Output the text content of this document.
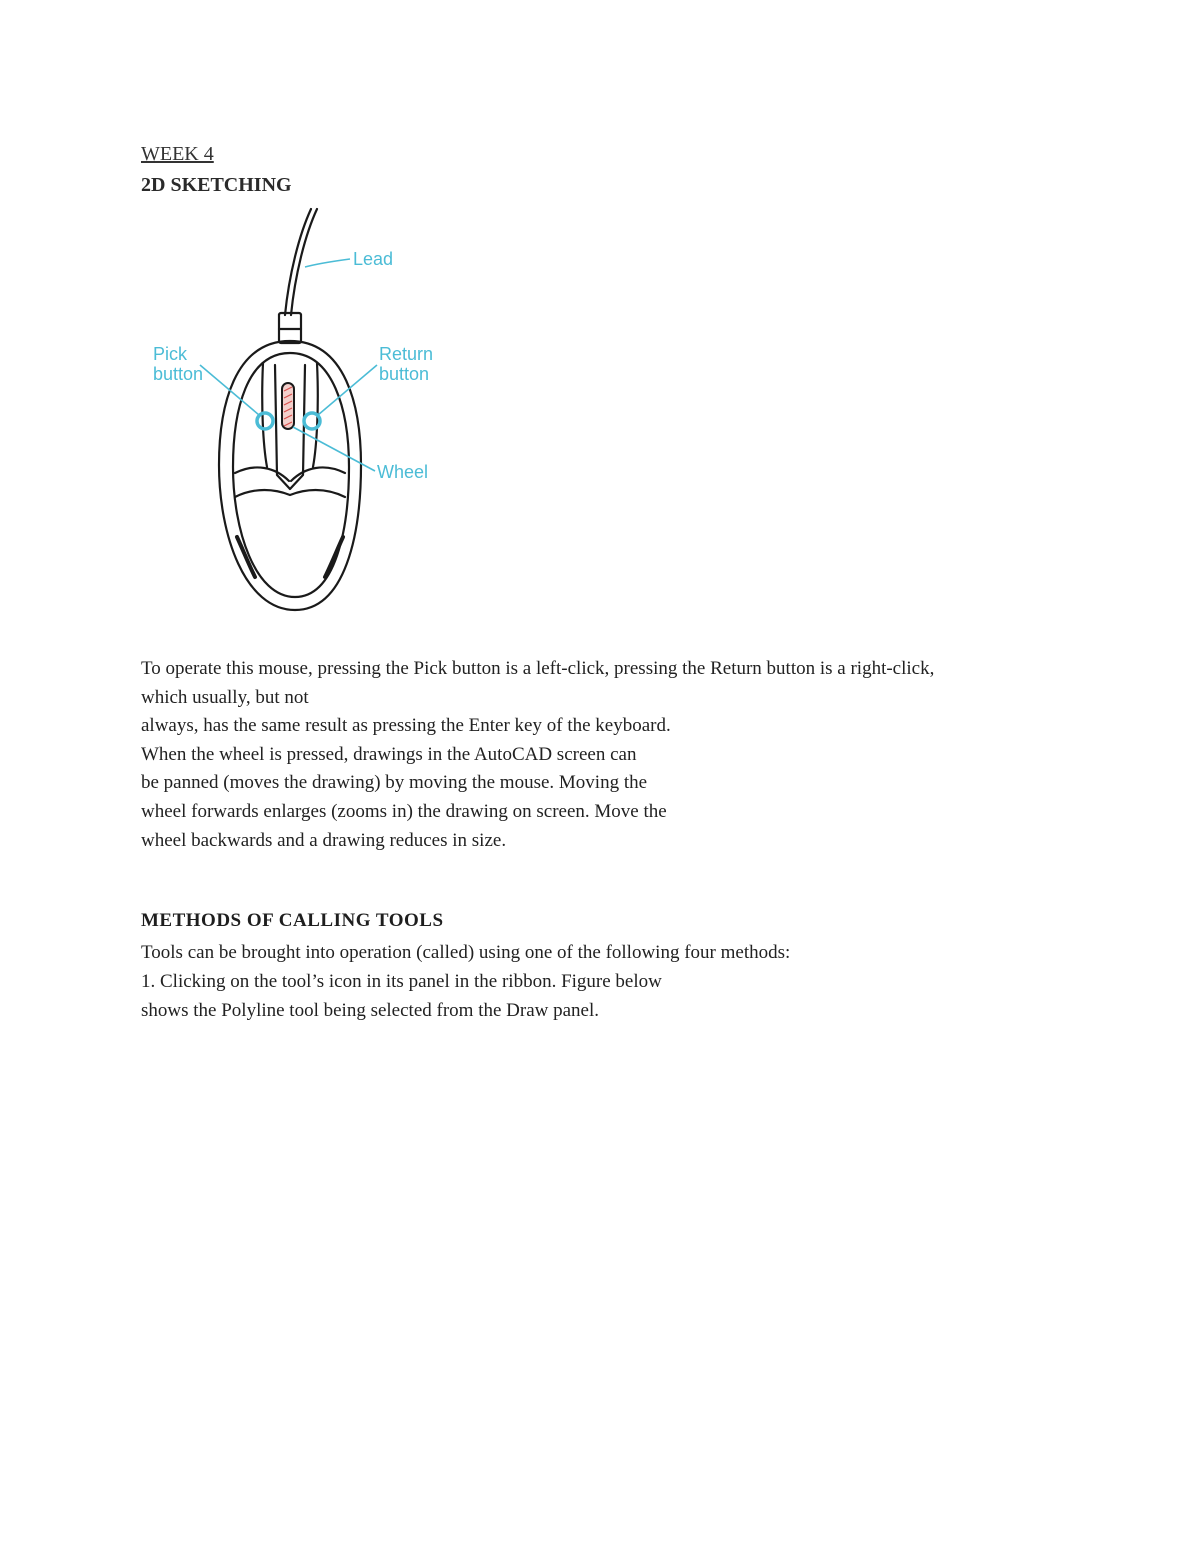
WEEK 4
2D SKETCHING
Lead
Pick
button
Return
button
Wheel
To operate this mouse, pressing the Pick button is a left-click, pressing the Return button is a right-click,
which usually, but not
always, has the same result as pressing the Enter key of the keyboard.
When the wheel is pressed, drawings in the AutoCAD screen can
be panned (moves the drawing) by moving the mouse. Moving the
wheel forwards enlarges (zooms in) the drawing on screen. Move the
wheel backwards and a drawing reduces in size.
METHODS OF CALLING TOOLS
Tools can be brought into operation (called) using one of the following four methods:
1. Clicking on the tool’s icon in its panel in the ribbon. Figure below
shows the Polyline tool being selected from the Draw panel.
